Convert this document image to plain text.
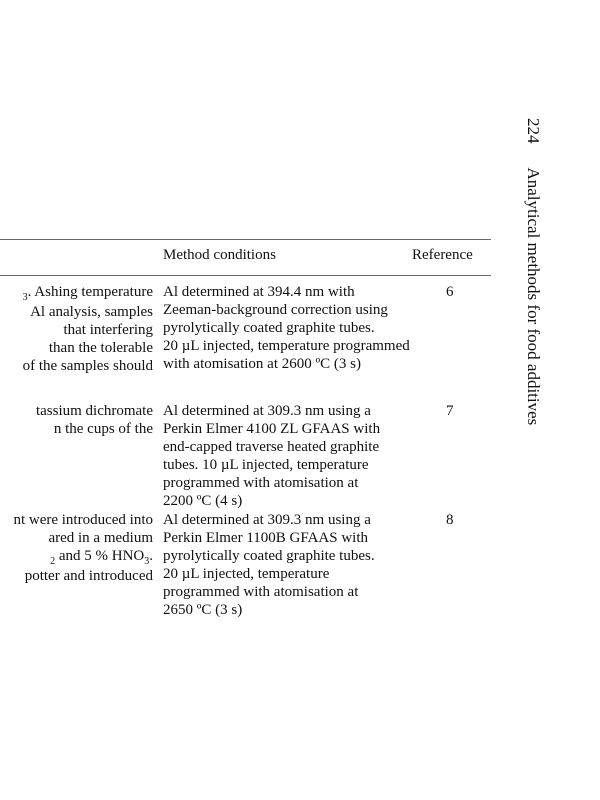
Method conditions	Reference
$_3$. Ashing temperature
Al analysis, samples
that interfering
than the tolerable
of the samples should
Al determined at 394.4 nm with
Zeeman-background correction using
pyrolytically coated graphite tubes.
20 µL injected, temperature programmed
with atomisation at 2600 ºC (3 s)
6
tassium dichromate
n the cups of the
Al determined at 309.3 nm using a
Perkin Elmer 4100 ZL GFAAS with
end-capped traverse heated graphite
tubes. 10 µL injected, temperature
programmed with atomisation at
2200 ºC (4 s)
7
nt were introduced into
ared in a medium
$_2$ and 5 % $HNO_3$.
potter and introduced
Al determined at 309.3 nm using a
Perkin Elmer 1100B GFAAS with
pyrolytically coated graphite tubes.
20 µL injected, temperature
programmed with atomisation at
2650 ºC (3 s)
8
224Analytical methods for food additives
